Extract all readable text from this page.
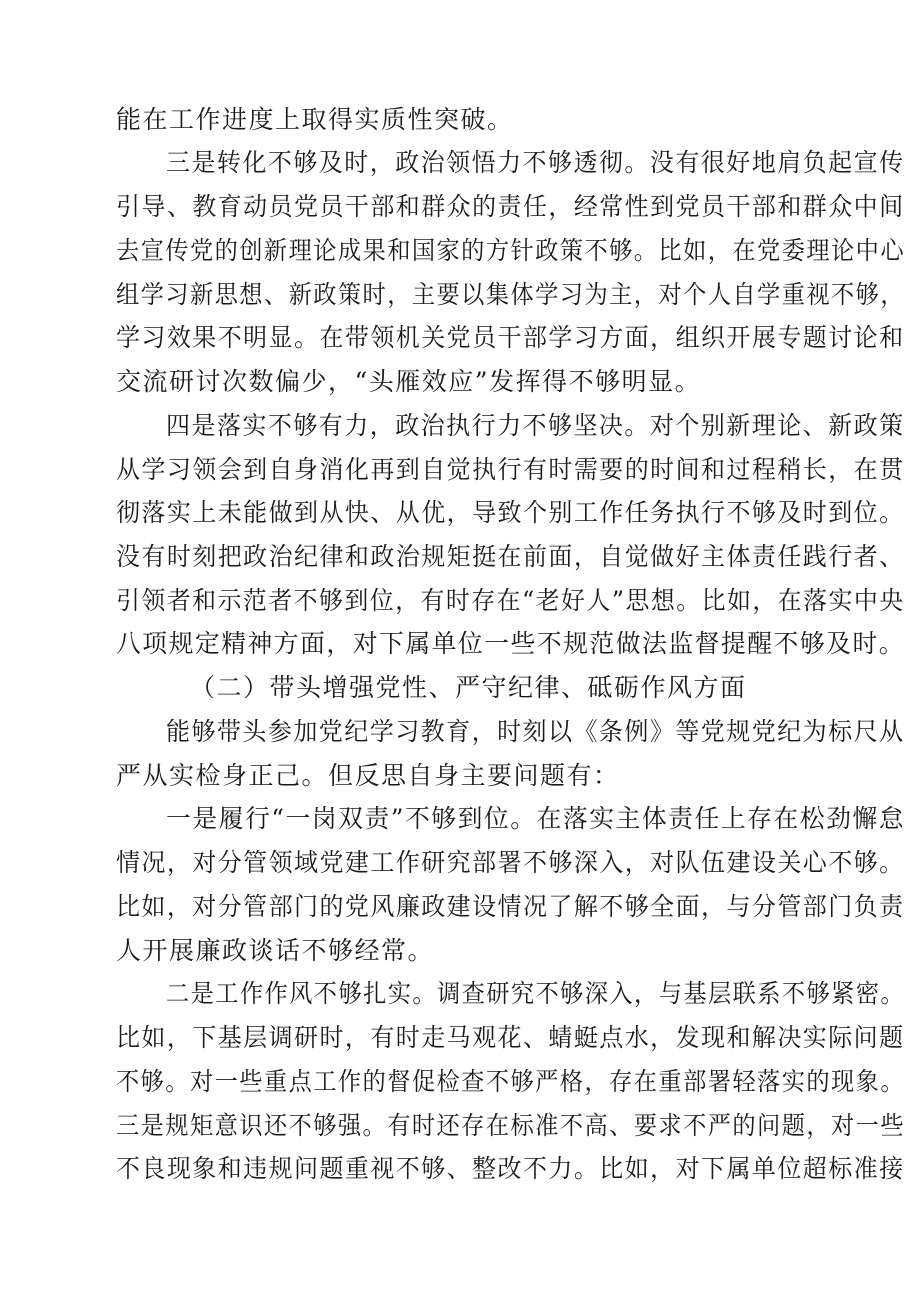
能在工作进度上取得实质性突破。
三是转化不够及时，政治领悟力不够透彻。没有很好地肩负起宣传
引导、教育动员党员干部和群众的责任，经常性到党员干部和群众中间
去宣传党的创新理论成果和国家的方针政策不够。比如，在党委理论中心
组学习新思想、新政策时，主要以集体学习为主，对个人自学重视不够，
学习效果不明显。在带领机关党员干部学习方面，组织开展专题讨论和
交流研讨次数偏少，“头雁效应”发挥得不够明显。
四是落实不够有力，政治执行力不够坚决。对个别新理论、新政策
从学习领会到自身消化再到自觉执行有时需要的时间和过程稍长，在贯
彻落实上未能做到从快、从优，导致个别工作任务执行不够及时到位。
没有时刻把政治纪律和政治规矩挺在前面，自觉做好主体责任践行者、
引领者和示范者不够到位，有时存在“老好人”思想。比如，在落实中央
八项规定精神方面，对下属单位一些不规范做法监督提醒不够及时。
（二）带头增强党性、严守纪律、砥砺作风方面
能够带头参加党纪学习教育，时刻以《条例》等党规党纪为标尺从
严从实检身正己。但反思自身主要问题有：
一是履行“一岗双责”不够到位。在落实主体责任上存在松劲懈怠
情况，对分管领域党建工作研究部署不够深入，对队伍建设关心不够。
比如，对分管部门的党风廉政建设情况了解不够全面，与分管部门负责
人开展廉政谈话不够经常。
二是工作作风不够扎实。调查研究不够深入，与基层联系不够紧密。
比如，下基层调研时，有时走马观花、蜻蜓点水，发现和解决实际问题
不够。对一些重点工作的督促检查不够严格，存在重部署轻落实的现象。
三是规矩意识还不够强。有时还存在标准不高、要求不严的问题，对一些
不良现象和违规问题重视不够、整改不力。比如，对下属单位超标准接
